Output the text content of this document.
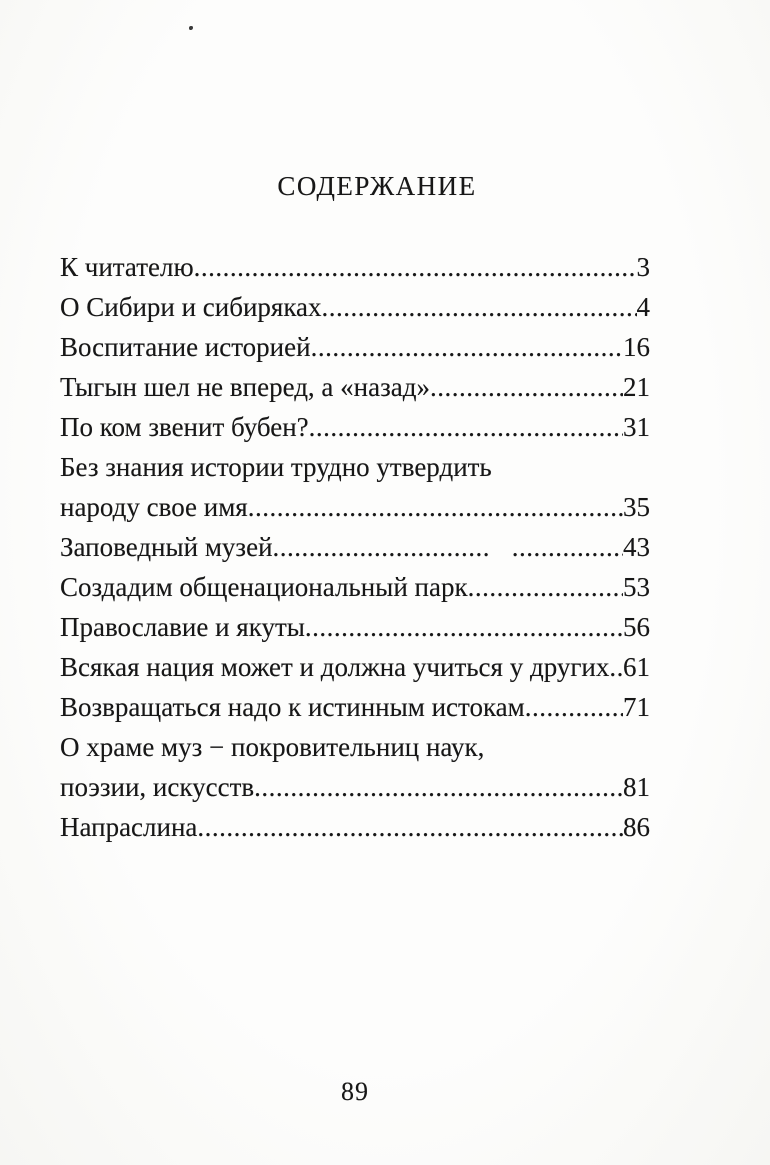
СОДЕРЖАНИЕ
К читателю .....	3
О Сибири и сибиряках .....	4
Воспитание историей .....	16
Тыгын шел не вперед, а «назад» .....	21
По ком звенит бубен? .....	31
Без знания истории трудно утвердить
народу свое имя .....	35
Заповедный музей .....	43
Создадим общенациональный парк .....	53
Православие и якуты .....	56
Всякая нация может и должна учиться у других ..... 61
Возвращаться надо к истинным истокам .....	71
О храме муз − покровительниц наук,
поэзии, искусств .....	81
Напраслина .....	86
89
